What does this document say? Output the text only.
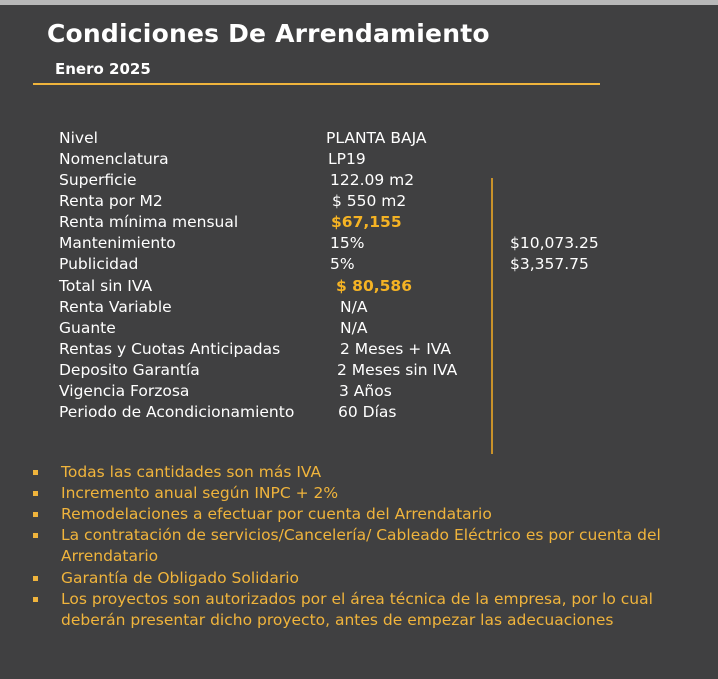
Condiciones De Arrendamiento
Enero 2025
Nivel	PLANTA BAJA
Nomenclatura	LP19
Superficie	122.09 m2
Renta por M2	$ 550 m2
Renta mínima mensual	$67,155
Mantenimiento	15%	$10,073.25
Publicidad	5%	$3,357.75
Total sin IVA	$ 80,586
Renta Variable	N/A
Guante	N/A
Rentas y Cuotas Anticipadas	2 Meses + IVA
Deposito Garantía	2 Meses sin IVA
Vigencia Forzosa	3 Años
Periodo de Acondicionamiento	60 Días
Todas las cantidades son más IVA
Incremento anual según INPC + 2%
Remodelaciones a efectuar por cuenta del Arrendatario
La contratación de servicios/Cancelería/ Cableado Eléctrico es por cuenta del Arrendatario
Garantía de Obligado Solidario
Los proyectos son autorizados por el área técnica de la empresa, por lo cual deberán presentar dicho proyecto, antes de empezar las adecuaciones
